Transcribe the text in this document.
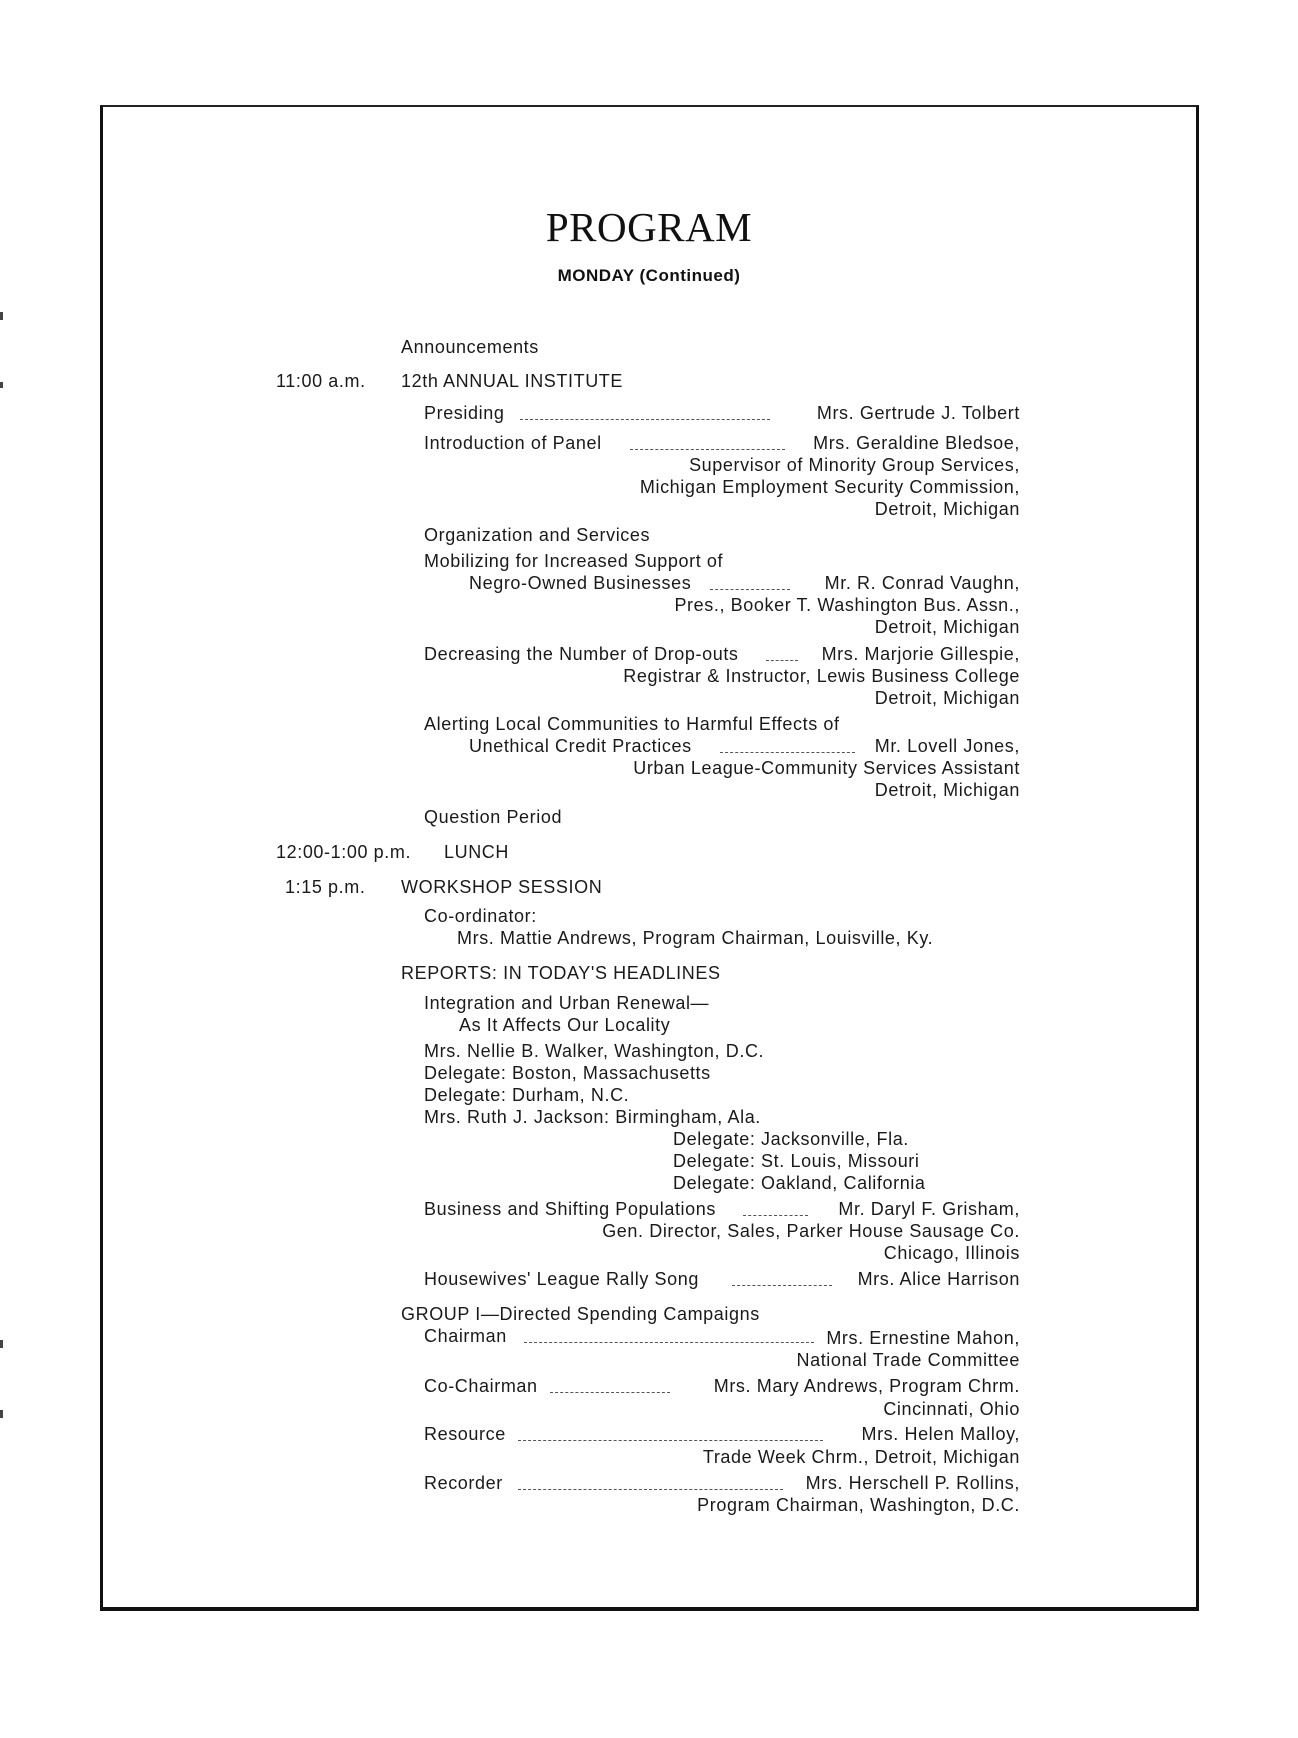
PROGRAM
MONDAY (Continued)
Announcements
11:00 a.m. 12th ANNUAL INSTITUTE
Presiding	Mrs. Gertrude J. Tolbert
Introduction of Panel	Mrs. Geraldine Bledsoe,
Supervisor of Minority Group Services,
Michigan Employment Security Commission,
Detroit, Michigan
Organization and Services
Mobilizing for Increased Support of
Negro-Owned Businesses	Mr. R. Conrad Vaughn,
Pres., Booker T. Washington Bus. Assn.,
Detroit, Michigan
Decreasing the Number of Drop-outs	Mrs. Marjorie Gillespie,
Registrar & Instructor, Lewis Business College
Detroit, Michigan
Alerting Local Communities to Harmful Effects of
Unethical Credit Practices	Mr. Lovell Jones,
Urban League-Community Services Assistant
Detroit, Michigan
Question Period
12:00-1:00 p.m. LUNCH
1:15 p.m. WORKSHOP SESSION
Co-ordinator:
Mrs. Mattie Andrews, Program Chairman, Louisville, Ky.
REPORTS: IN TODAY'S HEADLINES
Integration and Urban Renewal—
As It Affects Our Locality
Mrs. Nellie B. Walker, Washington, D.C.
Delegate: Boston, Massachusetts
Delegate: Durham, N.C.
Mrs. Ruth J. Jackson: Birmingham, Ala.
Delegate: Jacksonville, Fla.
Delegate: St. Louis, Missouri
Delegate: Oakland, California
Business and Shifting Populations	Mr. Daryl F. Grisham,
Gen. Director, Sales, Parker House Sausage Co.
Chicago, Illinois
Housewives' League Rally Song	Mrs. Alice Harrison
GROUP I—Directed Spending Campaigns
Chairman	Mrs. Ernestine Mahon,
National Trade Committee
Co-Chairman	Mrs. Mary Andrews, Program Chrm.
Cincinnati, Ohio
Resource	Mrs. Helen Malloy,
Trade Week Chrm., Detroit, Michigan
Recorder	Mrs. Herschell P. Rollins,
Program Chairman, Washington, D.C.
